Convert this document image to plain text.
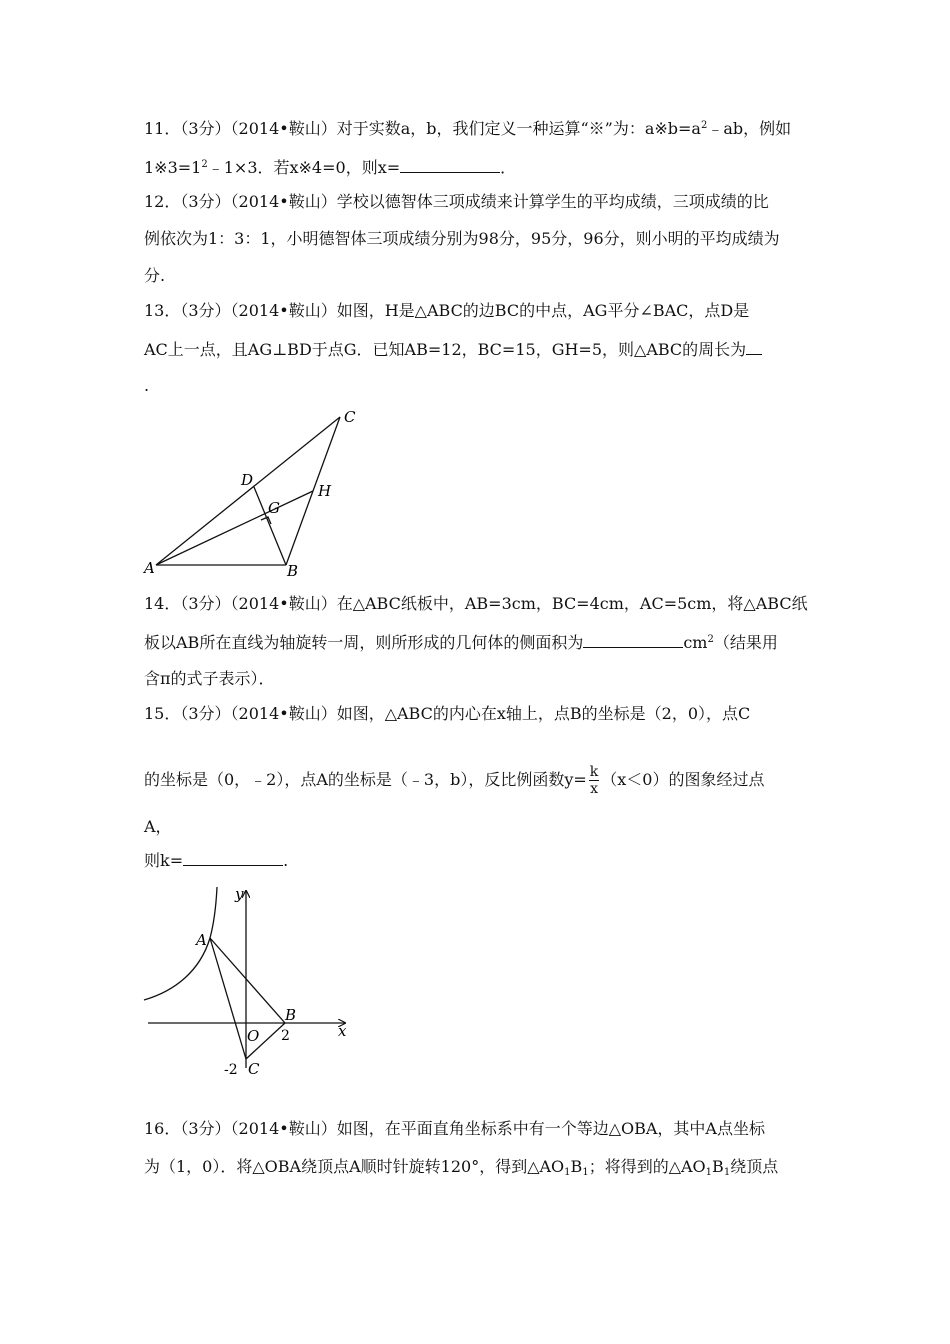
11．（3分）（2014•鞍山）对于实数a，b，我们定义一种运算“※”为：$a※b=a^2﹣ab$，例如
$1※3=1^2﹣1\times 3$．若x※4=0，则x=	．
12．（3分）（2014•鞍山）学校以德智体三项成绩来计算学生的平均成绩，三项成绩的比
例依次为1：3：1，小明德智体三项成绩分别为98分，95分，96分，则小明的平均成绩为
分.
13．（3分）（2014•鞍山）如图，H是△ABC的边BC的中点，AG平分∠BAC，点D是
AC上一点，且AG⊥BD于点G．已知AB=12，BC=15，GH=5，则△ABC的周长为
.
A	B
C
D
G
H
14．（3分）（2014•鞍山）在△ABC纸板中，AB=3cm，BC=4cm，AC=5cm，将△ABC纸
板以AB所在直线为轴旋转一周，则所形成的几何体的侧面积为	$cm^2$（结果用
含π的式子表示）．
15．（3分）（2014•鞍山）如图，△ABC的内心在x轴上，点B的坐标是（2，0），点C
的坐标是（0，﹣2），点A的坐标是（﹣3，b），反比例函数$y= \frac{k}{x} (x<0)$的图象经过点
A，
则k=	.
y
x
A
B
C
O 2
-2
16．（3分）（2014•鞍山）如图，在平面直角坐标系中有一个等边△OBA，其中A点坐标
为（1，0）．将△OBA绕顶点A顺时针旋转120°，得到$\triangle AO_1B_1$；将得到的$\triangle AO_1B_1$绕顶点
